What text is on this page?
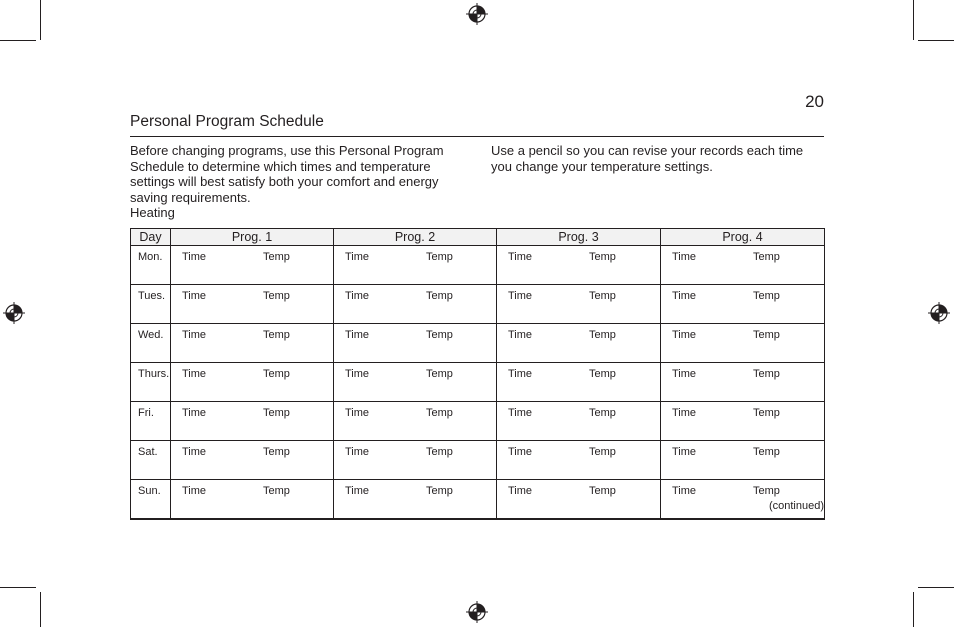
20
Personal Program Schedule
Before changing programs, use this Personal Program Schedule to determine which times and temperature settings will best satisfy both your comfort and energy saving requirements.
Use a pencil so you can revise your records each time you change your temperature settings.
Heating
Day	Prog. 1	Prog. 2	Prog. 3	Prog. 4
Mon.	Time Temp	Time Temp	Time Temp	Time Temp

Tues.	Time Temp	Time Temp	Time Temp	Time Temp

Wed.	Time Temp	Time Temp	Time Temp	Time Temp

Thurs.	Time Temp	Time Temp	Time Temp	Time Temp

Fri.	Time Temp	Time Temp	Time Temp	Time Temp

Sat.	Time Temp	Time Temp	Time Temp	Time Temp

Sun.	Time Temp	Time Temp	Time Temp	Time Temp
(continued)
